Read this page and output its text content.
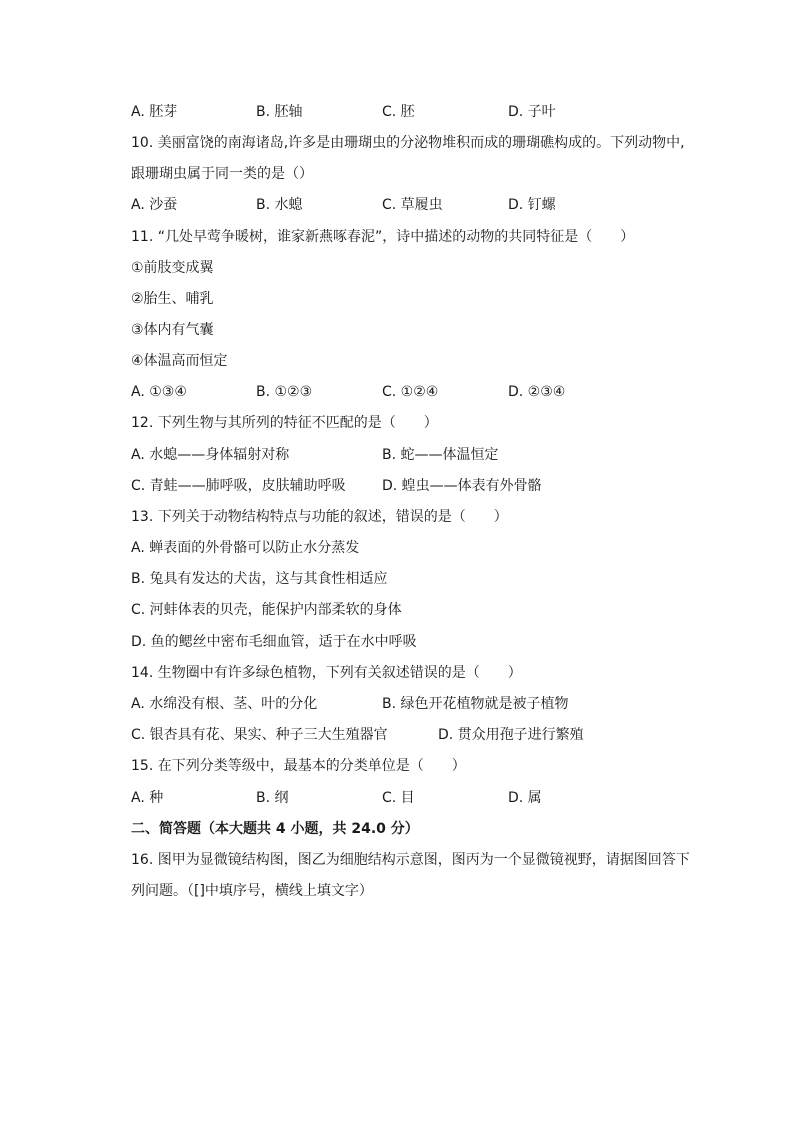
A. 胚芽	B. 胚轴	C. 胚	D. 子叶
10. 美丽富饶的南海诸岛,许多是由珊瑚虫的分泌物堆积而成的珊瑚礁构成的。下列动物中,
跟珊瑚虫属于同一类的是（）
A. 沙蚕	B. 水螅	C. 草履虫	D. 钉螺
11. “几处早莺争暖树，谁家新燕啄春泥”，诗中描述的动物的共同特征是（　　）
①前肢变成翼
②胎生、哺乳
③体内有气囊
④体温高而恒定
A. ①③④	B. ①②③	C. ①②④	D. ②③④
12. 下列生物与其所列的特征不匹配的是（　　）
A. 水螅——身体辐射对称	B. 蛇——体温恒定
C. 青蛙——肺呼吸，皮肤辅助呼吸	D. 蝗虫——体表有外骨骼
13. 下列关于动物结构特点与功能的叙述，错误的是（　　）
A. 蝉表面的外骨骼可以防止水分蒸发
B. 兔具有发达的犬齿，这与其食性相适应
C. 河蚌体表的贝壳，能保护内部柔软的身体
D. 鱼的鳃丝中密布毛细血管，适于在水中呼吸
14. 生物圈中有许多绿色植物，下列有关叙述错误的是（　　）
A. 水绵没有根、茎、叶的分化	B. 绿色开花植物就是被子植物
C. 银杏具有花、果实、种子三大生殖器官	D. 贯众用孢子进行繁殖
15. 在下列分类等级中，最基本的分类单位是（　　）
A. 种	B. 纲	C. 目	D. 属
二、简答题（本大题共 4 小题，共 24.0 分）
16. 图甲为显微镜结构图，图乙为细胞结构示意图，图丙为一个显微镜视野，请据图回答下
列问题。（[]中填序号，横线上填文字）
